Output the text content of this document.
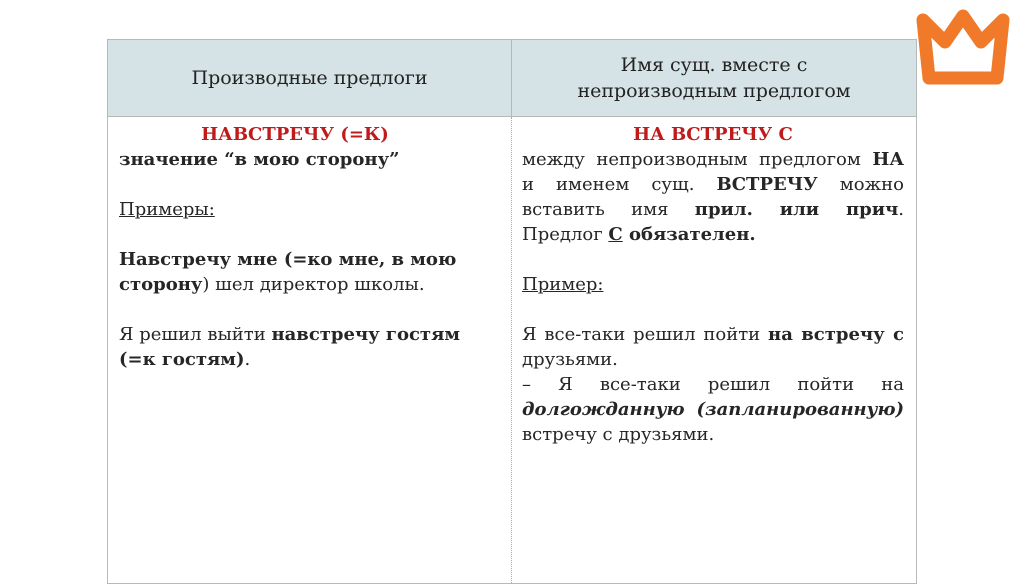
Производные предлоги
Имя сущ. вместе с
непроизводным предлогом
НАВСТРЕЧУ (=К)
значение “в мою сторону”
Примеры:
Навстречу мне (=ко мне, в мою сторону) шел директор школы.
Я решил выйти навстречу гостям (=к гостям).
НА ВСТРЕЧУ С
между непроизводным предлогом НА и именем сущ. ВСТРЕЧУ можно вставить имя прил. или прич. Предлог С обязателен.
Пример:
Я все-таки решил пойти на встречу с друзьями.
– Я все-таки решил пойти на долгожданную (запланированную) встречу с друзьями.
